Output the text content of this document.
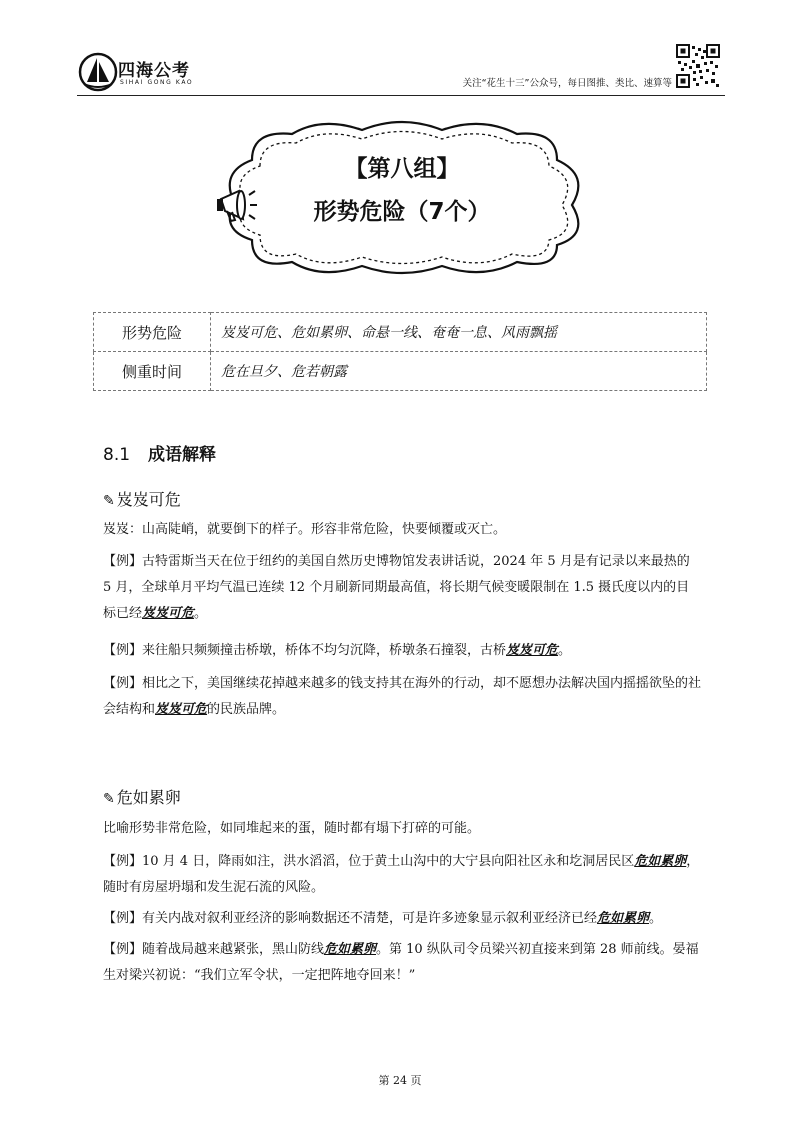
四海公考
SIHAI GONG KAO	关注“花生十三”公众号，每日图推、类比、速算等
【第八组】
形势危险（7个）
形势危险	岌岌可危、危如累卵、命悬一线、奄奄一息、风雨飘摇
侧重时间	危在旦夕、危若朝露
8.1 成语解释
✎ 岌岌可危
岌岌：山高陡峭，就要倒下的样子。形容非常危险，快要倾覆或灭亡。
【例】古特雷斯当天在位于纽约的美国自然历史博物馆发表讲话说，2024 年 5 月是有记录以来最热的 5 月，全球单月平均气温已连续 12 个月刷新同期最高值，将长期气候变暖限制在 1.5 摄氏度以内的目标已经岌岌可危。
【例】来往船只频频撞击桥墩，桥体不均匀沉降，桥墩条石撞裂，古桥岌岌可危。
【例】相比之下，美国继续花掉越来越多的钱支持其在海外的行动，却不愿想办法解决国内摇摇欲坠的社会结构和岌岌可危的民族品牌。
✎ 危如累卵
比喻形势非常危险，如同堆起来的蛋，随时都有塌下打碎的可能。
【例】10 月 4 日，降雨如注，洪水滔滔，位于黄土山沟中的大宁县向阳社区永和圪洞居民区危如累卵，随时有房屋坍塌和发生泥石流的风险。
【例】有关内战对叙利亚经济的影响数据还不清楚，可是许多迹象显示叙利亚经济已经危如累卵。
【例】随着战局越来越紧张，黑山防线危如累卵。第 10 纵队司令员梁兴初直接来到第 28 师前线。晏福生对梁兴初说：“我们立军令状，一定把阵地夺回来！”
第 24 页
